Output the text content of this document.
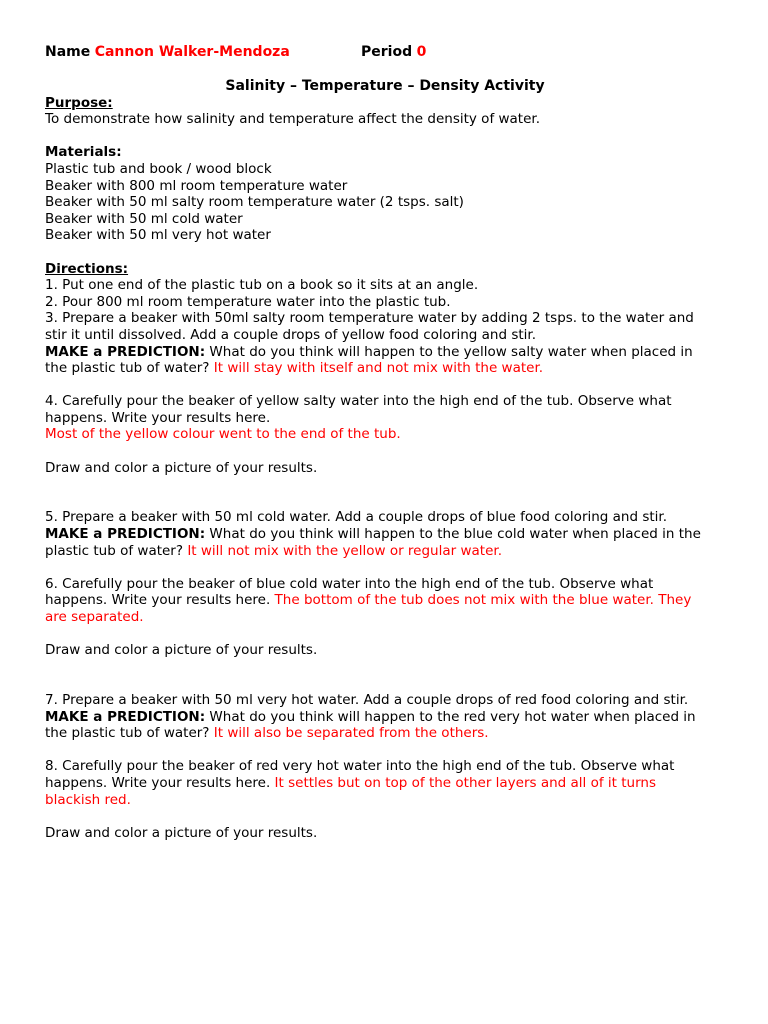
Name Cannon Walker-Mendoza	Period 0
Salinity – Temperature – Density Activity
Purpose:
To demonstrate how salinity and temperature affect the density of water.
Materials:
Plastic tub and book / wood block
Beaker with 800 ml room temperature water
Beaker with 50 ml salty room temperature water (2 tsps. salt)
Beaker with 50 ml cold water
Beaker with 50 ml very hot water
Directions:
1. Put one end of the plastic tub on a book so it sits at an angle.
2. Pour 800 ml room temperature water into the plastic tub.
3. Prepare a beaker with 50ml salty room temperature water by adding 2 tsps. to the water and
stir it until dissolved. Add a couple drops of yellow food coloring and stir.
MAKE a PREDICTION: What do you think will happen to the yellow salty water when placed in
the plastic tub of water? It will stay with itself and not mix with the water.
4. Carefully pour the beaker of yellow salty water into the high end of the tub. Observe what
happens. Write your results here.
Most of the yellow colour went to the end of the tub.
Draw and color a picture of your results.
5. Prepare a beaker with 50 ml cold water. Add a couple drops of blue food coloring and stir.
MAKE a PREDICTION: What do you think will happen to the blue cold water when placed in the
plastic tub of water? It will not mix with the yellow or regular water.
6. Carefully pour the beaker of blue cold water into the high end of the tub. Observe what
happens. Write your results here. The bottom of the tub does not mix with the blue water. They
are separated.
Draw and color a picture of your results.
7. Prepare a beaker with 50 ml very hot water. Add a couple drops of red food coloring and stir.
MAKE a PREDICTION: What do you think will happen to the red very hot water when placed in
the plastic tub of water? It will also be separated from the others.
8. Carefully pour the beaker of red very hot water into the high end of the tub. Observe what
happens. Write your results here. It settles but on top of the other layers and all of it turns
blackish red.
Draw and color a picture of your results.
